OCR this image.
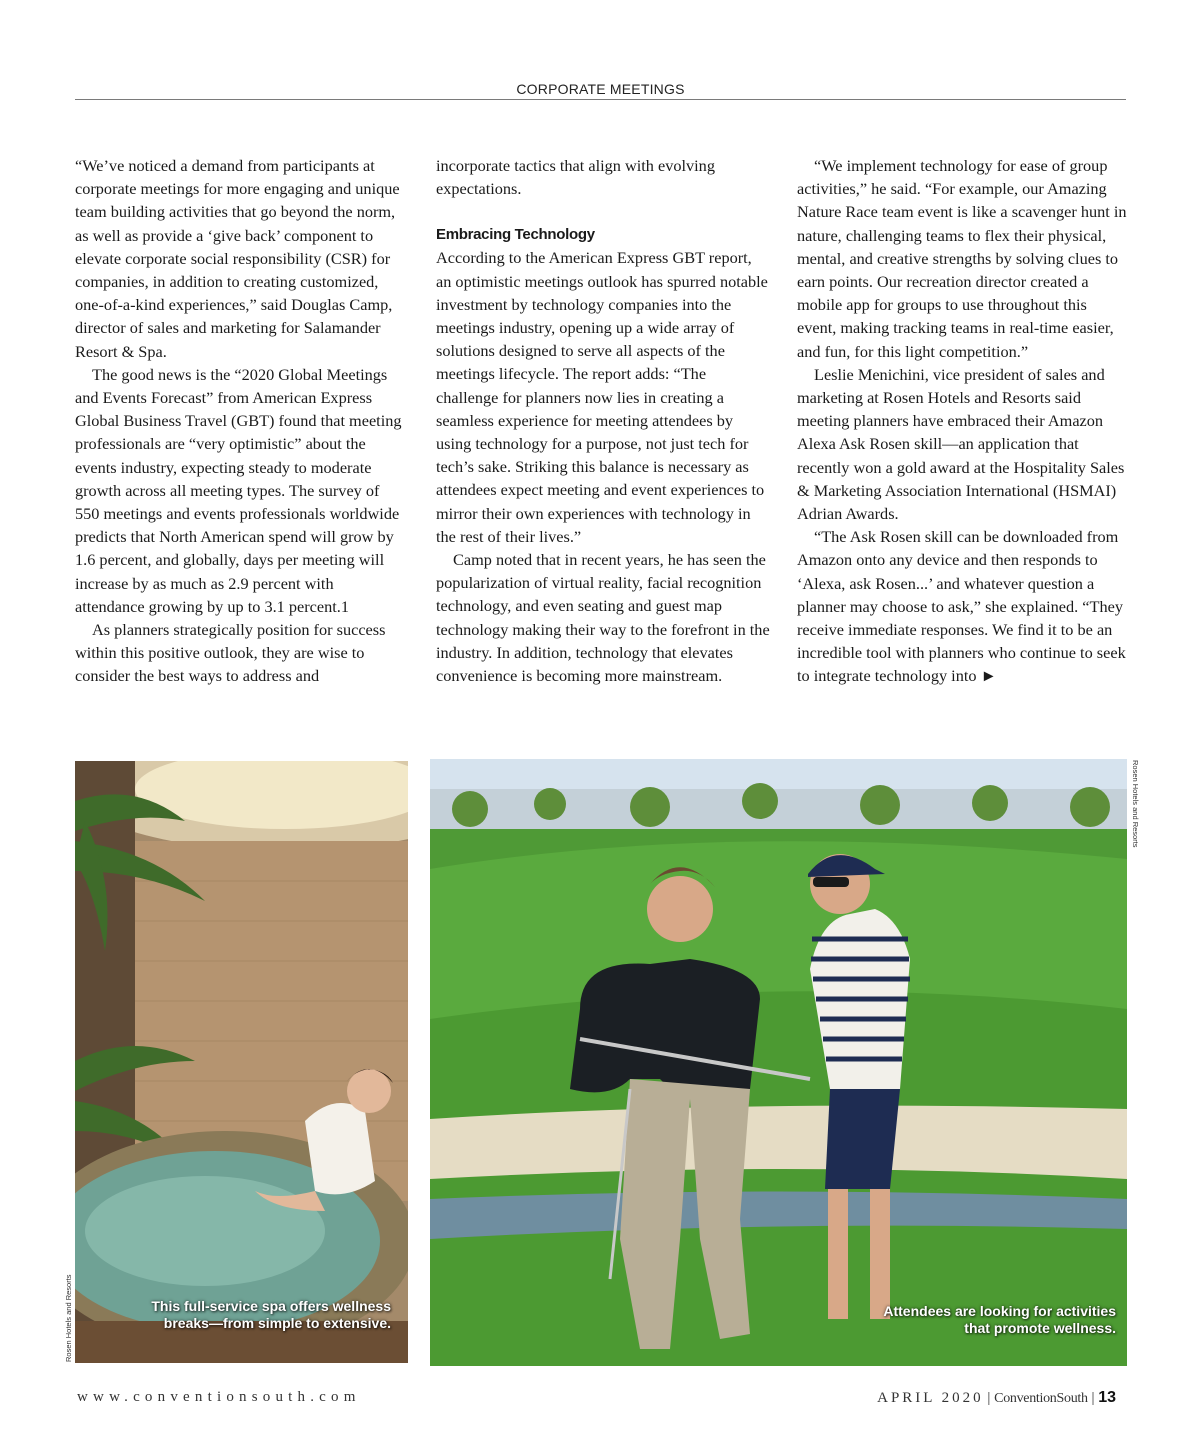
CORPORATE MEETINGS

“We’ve noticed a demand from participants at corporate meetings for more engaging and unique team building activities that go beyond the norm, as well as provide a ‘give back’ component to elevate corporate social responsibility (CSR) for companies, in addition to creating customized, one-of-a-kind experiences,” said Douglas Camp, director of sales and marketing for Salamander Resort & Spa.

The good news is the “2020 Global Meetings and Events Forecast” from American Express Global Business Travel (GBT) found that meeting professionals are “very optimistic” about the events industry, expecting steady to moderate growth across all meeting types. The survey of 550 meetings and events professionals worldwide predicts that North American spend will grow by 1.6 percent, and globally, days per meeting will increase by as much as 2.9 percent with attendance growing by up to 3.1 percent.1

As planners strategically position for success within this positive outlook, they are wise to consider the best ways to address and

incorporate tactics that align with evolving expectations.

Embracing Technology

According to the American Express GBT report, an optimistic meetings outlook has spurred notable investment by technology companies into the meetings industry, opening up a wide array of solutions designed to serve all aspects of the meetings lifecycle. The report adds: “The challenge for planners now lies in creating a seamless experience for meeting attendees by using technology for a purpose, not just tech for tech’s sake. Striking this balance is necessary as attendees expect meeting and event experiences to mirror their own experiences with technology in the rest of their lives.”

Camp noted that in recent years, he has seen the popularization of virtual reality, facial recognition technology, and even seating and guest map technology making their way to the forefront in the industry. In addition, technology that elevates convenience is becoming more mainstream.

“We implement technology for ease of group activities,” he said. “For example, our Amazing Nature Race team event is like a scavenger hunt in nature, challenging teams to flex their physical, mental, and creative strengths by solving clues to earn points. Our recreation director created a mobile app for groups to use throughout this event, making tracking teams in real-time easier, and fun, for this light competition.”

Leslie Menichini, vice president of sales and marketing at Rosen Hotels and Resorts said meeting planners have embraced their Amazon Alexa Ask Rosen skill—an application that recently won a gold award at the Hospitality Sales & Marketing Association International (HSMAI) Adrian Awards.

“The Ask Rosen skill can be downloaded from Amazon onto any device and then responds to ‘Alexa, ask Rosen...’ and whatever question a planner may choose to ask,” she explained. “They receive immediate responses. We find it to be an incredible tool with planners who continue to seek to integrate technology into ►

Rosen Hotels and Resorts	This full-service spa offers wellness breaks—from simple to extensive.
Rosen Hotels and Resorts
Attendees are looking for activities that promote wellness.
www.conventionsouth.com	APRIL 2020 | ConventionSouth | 13
